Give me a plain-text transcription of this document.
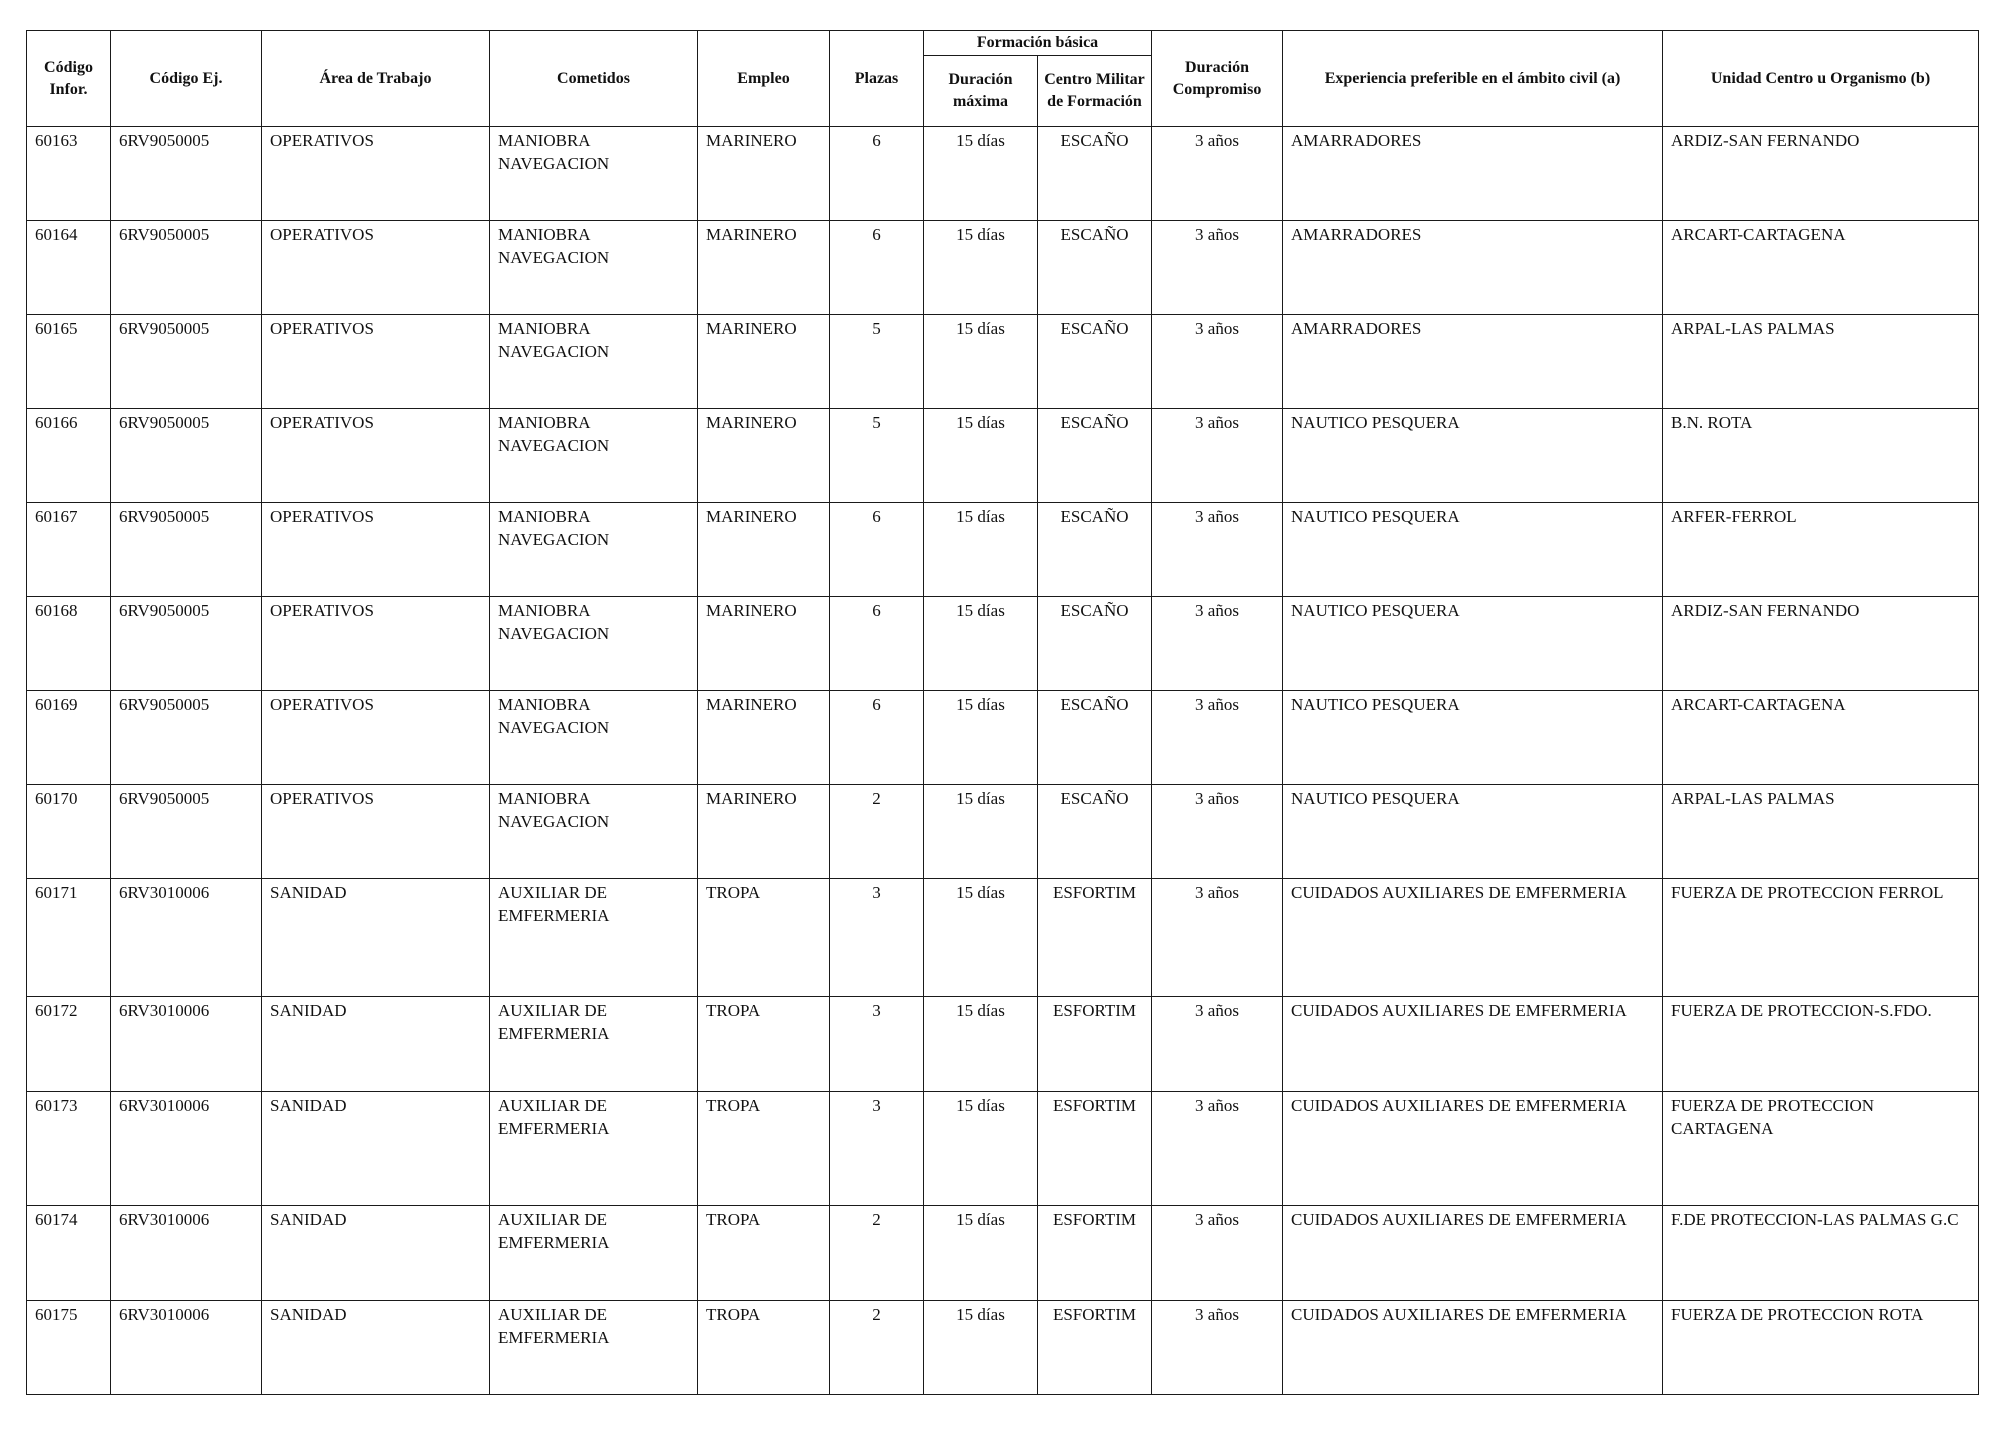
Código Infor.	Código Ej.	Área de Trabajo	Cometidos	Empleo	Plazas	Formación básica		Duración Compromiso	Experiencia preferible en el ámbito civil (a)	Unidad Centro u Organismo (b)
						Duración máxima	Centro Militar de Formación			
60163	6RV9050005	OPERATIVOS	MANIOBRA NAVEGACION	MARINERO	6	15 días	ESCAÑO	3 años	AMARRADORES	ARDIZ-SAN FERNANDO
60164	6RV9050005	OPERATIVOS	MANIOBRA NAVEGACION	MARINERO	6	15 días	ESCAÑO	3 años	AMARRADORES	ARCART-CARTAGENA
60165	6RV9050005	OPERATIVOS	MANIOBRA NAVEGACION	MARINERO	5	15 días	ESCAÑO	3 años	AMARRADORES	ARPAL-LAS PALMAS
60166	6RV9050005	OPERATIVOS	MANIOBRA NAVEGACION	MARINERO	5	15 días	ESCAÑO	3 años	NAUTICO PESQUERA	B.N. ROTA
60167	6RV9050005	OPERATIVOS	MANIOBRA NAVEGACION	MARINERO	6	15 días	ESCAÑO	3 años	NAUTICO PESQUERA	ARFER-FERROL
60168	6RV9050005	OPERATIVOS	MANIOBRA NAVEGACION	MARINERO	6	15 días	ESCAÑO	3 años	NAUTICO PESQUERA	ARDIZ-SAN FERNANDO
60169	6RV9050005	OPERATIVOS	MANIOBRA NAVEGACION	MARINERO	6	15 días	ESCAÑO	3 años	NAUTICO PESQUERA	ARCART-CARTAGENA
60170	6RV9050005	OPERATIVOS	MANIOBRA NAVEGACION	MARINERO	2	15 días	ESCAÑO	3 años	NAUTICO PESQUERA	ARPAL-LAS PALMAS
60171	6RV3010006	SANIDAD	AUXILIAR DE EMFERMERIA	TROPA	3	15 días	ESFORTIM	3 años	CUIDADOS AUXILIARES DE EMFERMERIA	FUERZA DE PROTECCION FERROL
60172	6RV3010006	SANIDAD	AUXILIAR DE EMFERMERIA	TROPA	3	15 días	ESFORTIM	3 años	CUIDADOS AUXILIARES DE EMFERMERIA	FUERZA DE PROTECCION-S.FDO.
60173	6RV3010006	SANIDAD	AUXILIAR DE EMFERMERIA	TROPA	3	15 días	ESFORTIM	3 años	CUIDADOS AUXILIARES DE EMFERMERIA	FUERZA DE PROTECCION CARTAGENA
60174	6RV3010006	SANIDAD	AUXILIAR DE EMFERMERIA	TROPA	2	15 días	ESFORTIM	3 años	CUIDADOS AUXILIARES DE EMFERMERIA	F.DE PROTECCION-LAS PALMAS G.C
60175	6RV3010006	SANIDAD	AUXILIAR DE EMFERMERIA	TROPA	2	15 días	ESFORTIM	3 años	CUIDADOS AUXILIARES DE EMFERMERIA	FUERZA DE PROTECCION ROTA
